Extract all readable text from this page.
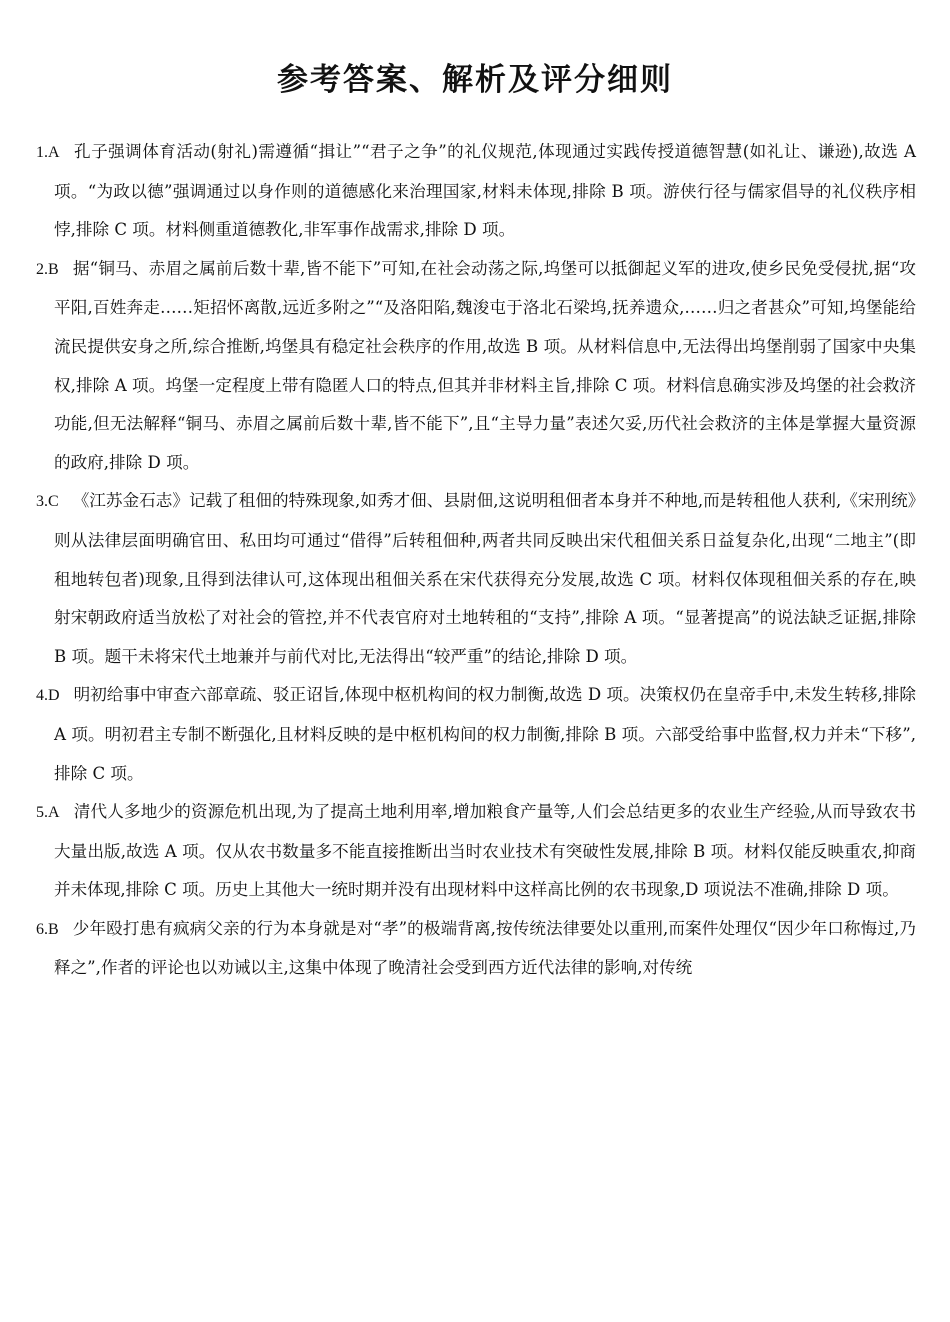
参考答案、解析及评分细则

1.A 孔子强调体育活动(射礼)需遵循“揖让”“君子之争”的礼仪规范,体现通过实践传授道德智慧(如礼让、谦逊),故选 A 项。“为政以德”强调通过以身作则的道德感化来治理国家,材料未体现,排除 B 项。游侠行径与儒家倡导的礼仪秩序相悖,排除 C 项。材料侧重道德教化,非军事作战需求,排除 D 项。

2.B 据“铜马、赤眉之属前后数十辈,皆不能下”可知,在社会动荡之际,坞堡可以抵御起义军的进攻,使乡民免受侵扰,据“攻平阳,百姓奔走……矩招怀离散,远近多附之”“及洛阳陷,魏浚屯于洛北石梁坞,抚养遗众,……归之者甚众”可知,坞堡能给流民提供安身之所,综合推断,坞堡具有稳定社会秩序的作用,故选 B 项。从材料信息中,无法得出坞堡削弱了国家中央集权,排除 A 项。坞堡一定程度上带有隐匿人口的特点,但其并非材料主旨,排除 C 项。材料信息确实涉及坞堡的社会救济功能,但无法解释“铜马、赤眉之属前后数十辈,皆不能下”,且“主导力量”表述欠妥,历代社会救济的主体是掌握大量资源的政府,排除 D 项。

3.C 《江苏金石志》记载了租佃的特殊现象,如秀才佃、县尉佃,这说明租佃者本身并不种地,而是转租他人获利,《宋刑统》则从法律层面明确官田、私田均可通过“借得”后转租佃种,两者共同反映出宋代租佃关系日益复杂化,出现“二地主”(即租地转包者)现象,且得到法律认可,这体现出租佃关系在宋代获得充分发展,故选 C 项。材料仅体现租佃关系的存在,映射宋朝政府适当放松了对社会的管控,并不代表官府对土地转租的“支持”,排除 A 项。“显著提高”的说法缺乏证据,排除 B 项。题干未将宋代土地兼并与前代对比,无法得出“较严重”的结论,排除 D 项。

4.D 明初给事中审查六部章疏、驳正诏旨,体现中枢机构间的权力制衡,故选 D 项。决策权仍在皇帝手中,未发生转移,排除 A 项。明初君主专制不断强化,且材料反映的是中枢机构间的权力制衡,排除 B 项。六部受给事中监督,权力并未“下移”,排除 C 项。

5.A 清代人多地少的资源危机出现,为了提高土地利用率,增加粮食产量等,人们会总结更多的农业生产经验,从而导致农书大量出版,故选 A 项。仅从农书数量多不能直接推断出当时农业技术有突破性发展,排除 B 项。材料仅能反映重农,抑商并未体现,排除 C 项。历史上其他大一统时期并没有出现材料中这样高比例的农书现象,D 项说法不准确,排除 D 项。

6.B 少年殴打患有疯病父亲的行为本身就是对“孝”的极端背离,按传统法律要处以重刑,而案件处理仅“因少年口称悔过,乃释之”,作者的评论也以劝诫以主,这集中体现了晚清社会受到西方近代法律的影响,对传统
